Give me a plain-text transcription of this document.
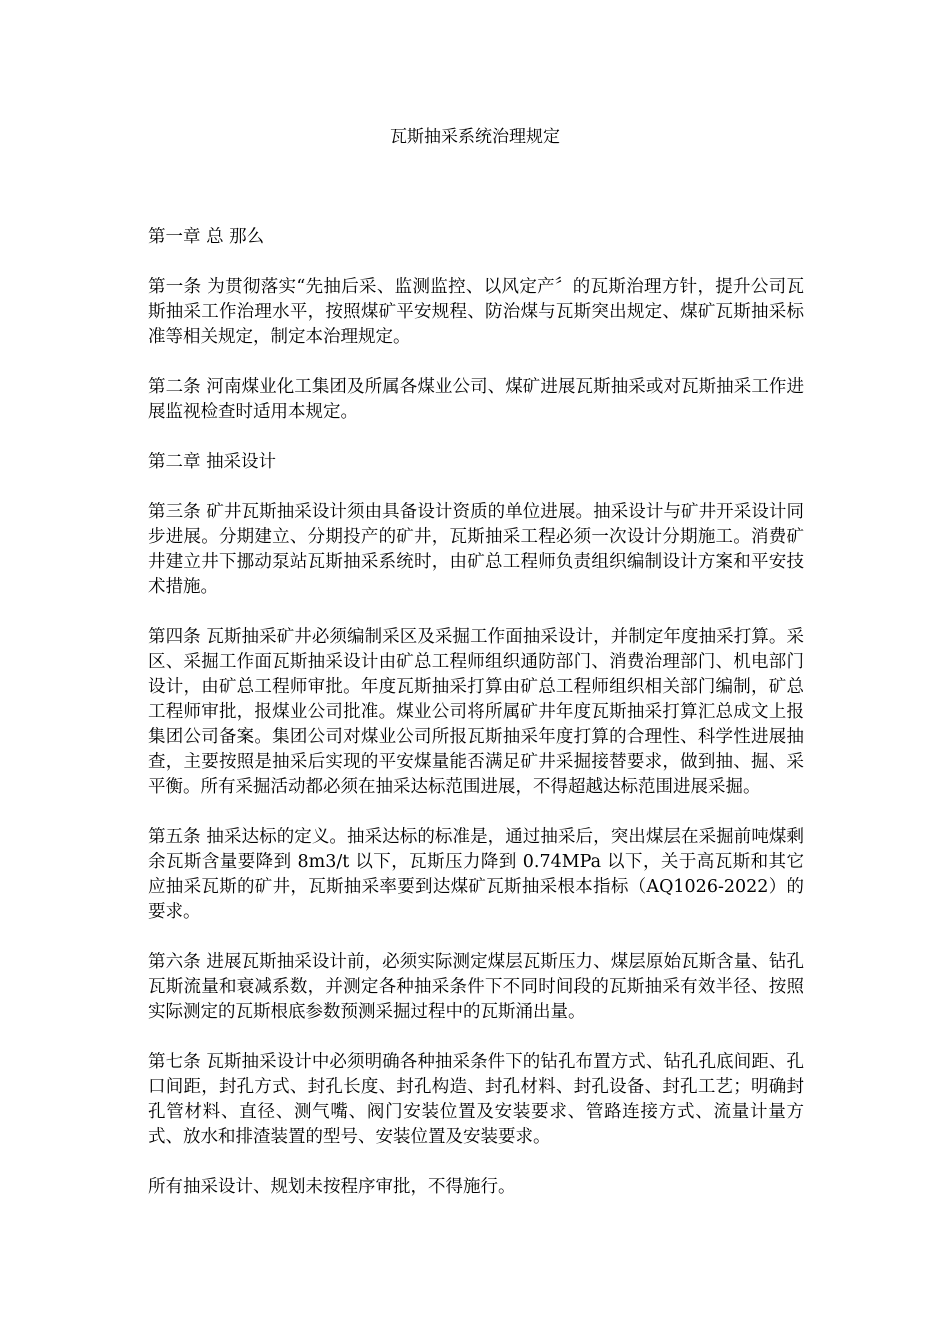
瓦斯抽采系统治理规定

第一章 总 那么

第一条 为贯彻落实“先抽后采、监测监控、以风定产〞的瓦斯治理方针，提升公司瓦斯抽采工作治理水平，按照煤矿平安规程、防治煤与瓦斯突出规定、煤矿瓦斯抽采标准等相关规定，制定本治理规定。

第二条 河南煤业化工集团及所属各煤业公司、煤矿进展瓦斯抽采或对瓦斯抽采工作进展监视检查时适用本规定。

第二章 抽采设计

第三条 矿井瓦斯抽采设计须由具备设计资质的单位进展。抽采设计与矿井开采设计同步进展。分期建立、分期投产的矿井，瓦斯抽采工程必须一次设计分期施工。消费矿井建立井下挪动泵站瓦斯抽采系统时，由矿总工程师负责组织编制设计方案和平安技术措施。

第四条 瓦斯抽采矿井必须编制采区及采掘工作面抽采设计，并制定年度抽采打算。采区、采掘工作面瓦斯抽采设计由矿总工程师组织通防部门、消费治理部门、机电部门设计，由矿总工程师审批。年度瓦斯抽采打算由矿总工程师组织相关部门编制，矿总工程师审批，报煤业公司批准。煤业公司将所属矿井年度瓦斯抽采打算汇总成文上报集团公司备案。集团公司对煤业公司所报瓦斯抽采年度打算的合理性、科学性进展抽查，主要按照是抽采后实现的平安煤量能否满足矿井采掘接替要求，做到抽、掘、采平衡。所有采掘活动都必须在抽采达标范围进展，不得超越达标范围进展采掘。

第五条 抽采达标的定义。抽采达标的标准是，通过抽采后，突出煤层在采掘前吨煤剩余瓦斯含量要降到 8m3/t 以下，瓦斯压力降到 0.74MPa 以下，关于高瓦斯和其它应抽采瓦斯的矿井，瓦斯抽采率要到达煤矿瓦斯抽采根本指标（AQ1026-2022）的要求。

第六条 进展瓦斯抽采设计前，必须实际测定煤层瓦斯压力、煤层原始瓦斯含量、钻孔瓦斯流量和衰减系数，并测定各种抽采条件下不同时间段的瓦斯抽采有效半径、按照实际测定的瓦斯根底参数预测采掘过程中的瓦斯涌出量。

第七条 瓦斯抽采设计中必须明确各种抽采条件下的钻孔布置方式、钻孔孔底间距、孔口间距，封孔方式、封孔长度、封孔构造、封孔材料、封孔设备、封孔工艺；明确封孔管材料、直径、测气嘴、阀门安装位置及安装要求、管路连接方式、流量计量方式、放水和排渣装置的型号、安装位置及安装要求。

所有抽采设计、规划未按程序审批，不得施行。
